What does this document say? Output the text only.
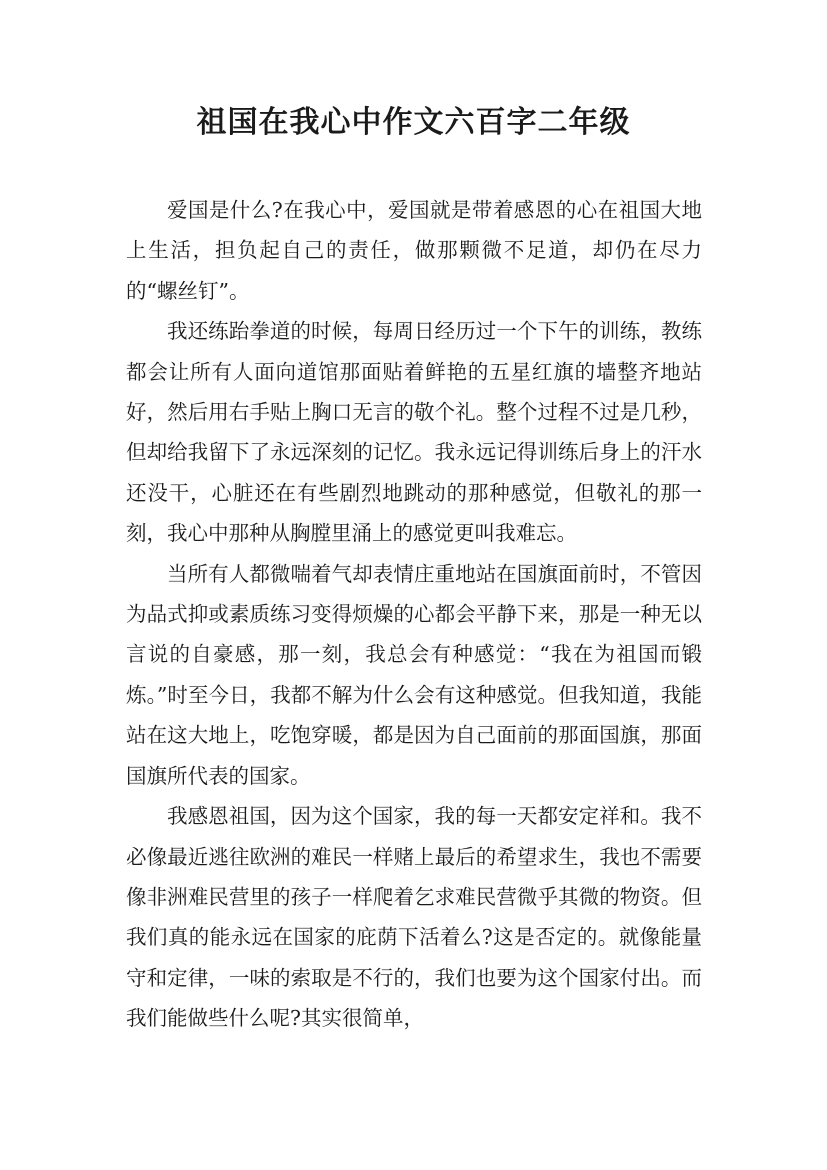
祖国在我心中作文六百字二年级

爱国是什么?在我心中，爱国就是带着感恩的心在祖国大地上生活，担负起自己的责任，做那颗微不足道，却仍在尽力的“螺丝钉”。

我还练跆拳道的时候，每周日经历过一个下午的训练，教练都会让所有人面向道馆那面贴着鲜艳的五星红旗的墙整齐地站好，然后用右手贴上胸口无言的敬个礼。整个过程不过是几秒，但却给我留下了永远深刻的记忆。我永远记得训练后身上的汗水还没干，心脏还在有些剧烈地跳动的那种感觉，但敬礼的那一刻，我心中那种从胸膛里涌上的感觉更叫我难忘。

当所有人都微喘着气却表情庄重地站在国旗面前时，不管因为品式抑或素质练习变得烦燥的心都会平静下来，那是一种无以言说的自豪感，那一刻，我总会有种感觉：“我在为祖国而锻炼。”时至今日，我都不解为什么会有这种感觉。但我知道，我能站在这大地上，吃饱穿暖，都是因为自己面前的那面国旗，那面国旗所代表的国家。

我感恩祖国，因为这个国家，我的每一天都安定祥和。我不必像最近逃往欧洲的难民一样赌上最后的希望求生，我也不需要像非洲难民营里的孩子一样爬着乞求难民营微乎其微的物资。但我们真的能永远在国家的庇荫下活着么?这是否定的。就像能量守和定律，一味的索取是不行的，我们也要为这个国家付出。而我们能做些什么呢?其实很简单，
